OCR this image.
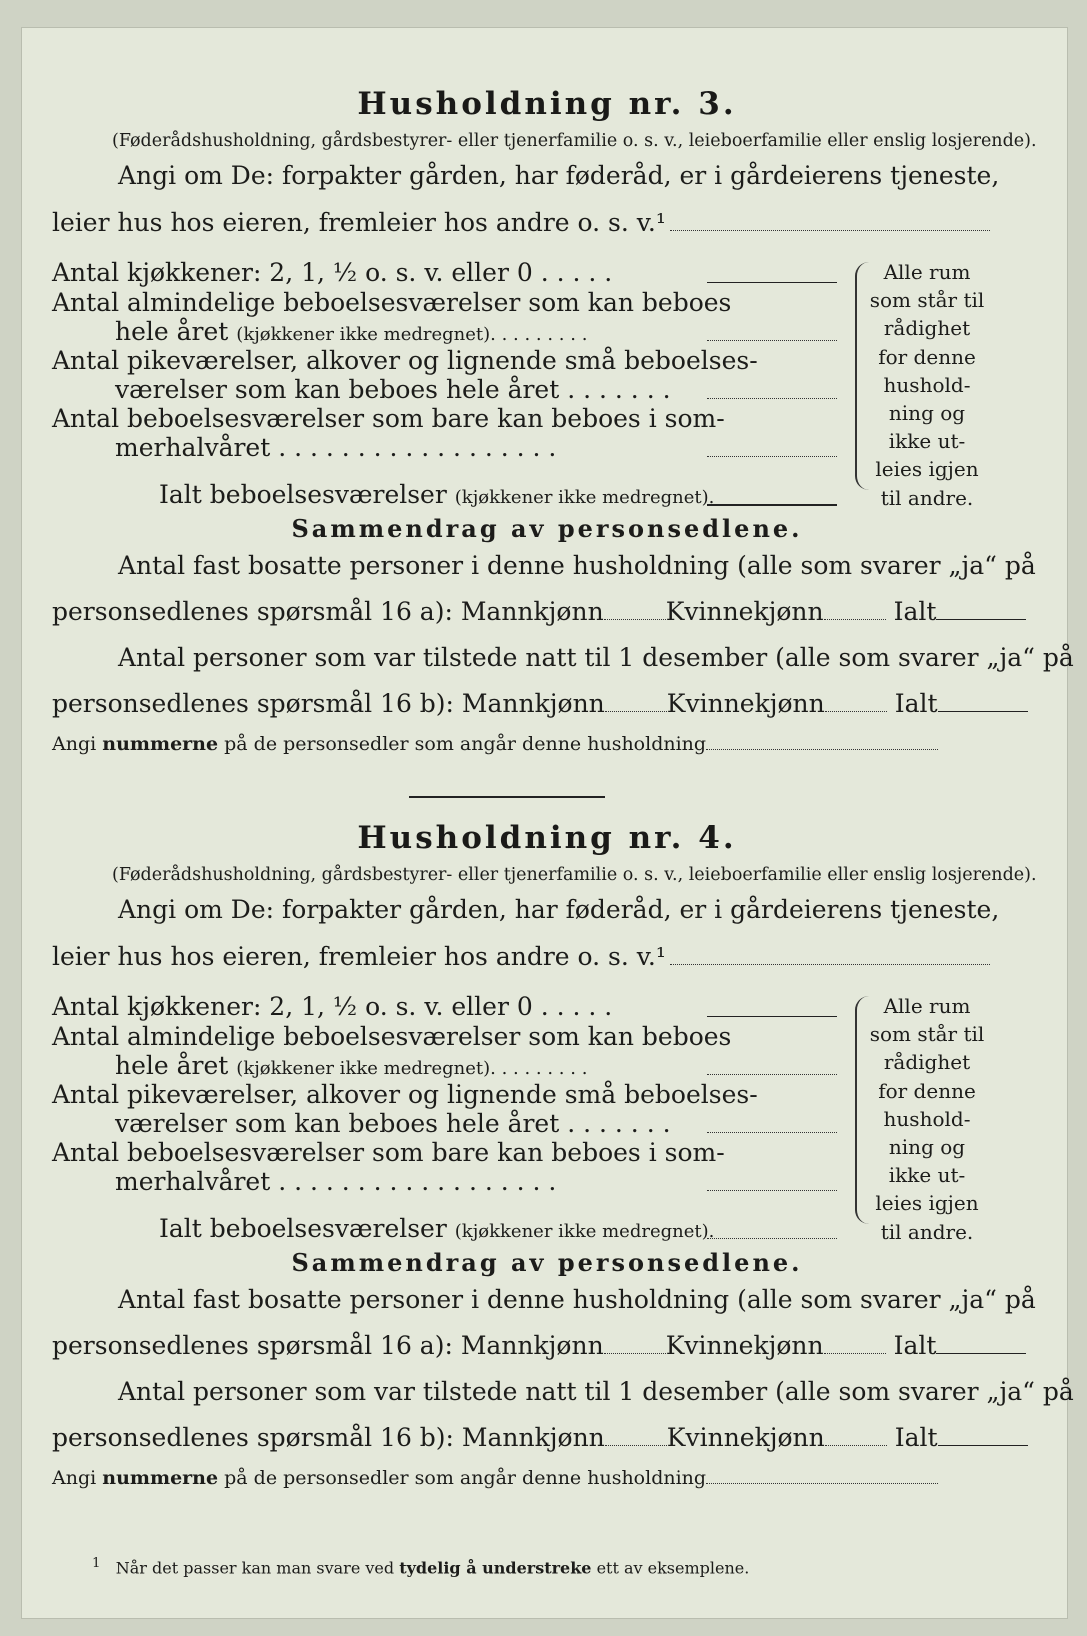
Husholdning nr. 3.

(Føderådshusholdning, gårdsbestyrer- eller tjenerfamilie o. s. v., leieboerfamilie eller enslig losjerende).

Angi om De: forpakter gården, har føderåd, er i gårdeierens tjeneste,
leier hus hos eieren, fremleier hos andre o. s. v.¹
Antal kjøkkener: 2, 1, ½ o. s. v. eller 0 . . . . .
Antal almindelige beboelsesværelser som kan beboes
hele året (kjøkkener ikke medregnet). . . . . . . . .
Antal pikeværelser, alkover og lignende små beboelses-
værelser som kan beboes hele året . . . . . . .
Antal beboelsesværelser som bare kan beboes i som-
merhalvåret . . . . . . . . . . . . . . . . . .
Ialt beboelsesværelser (kjøkkener ikke medregnet).
Alle rum
som står til
rådighet
for denne
hushold-
ning og
ikke ut-
leies igjen
til andre.
Sammendrag av personsedlene.
Antal fast bosatte personer i denne husholdning (alle som svarer „ja“ på
personsedlenes spørsmål 16 a): Mannkjønn Kvinnekjønn	Ialt
Antal personer som var tilstede natt til 1 desember (alle som svarer „ja“ på
personsedlenes spørsmål 16 b): Mannkjønn Kvinnekjønn	Ialt
Angi nummerne på de personsedler som angår denne husholdning
Husholdning nr. 4.

(Føderådshusholdning, gårdsbestyrer- eller tjenerfamilie o. s. v., leieboerfamilie eller enslig losjerende).

Angi om De: forpakter gården, har føderåd, er i gårdeierens tjeneste,
leier hus hos eieren, fremleier hos andre o. s. v.¹
Antal kjøkkener: 2, 1, ½ o. s. v. eller 0 . . . . .
Antal almindelige beboelsesværelser som kan beboes
hele året (kjøkkener ikke medregnet). . . . . . . . .
Antal pikeværelser, alkover og lignende små beboelses-
værelser som kan beboes hele året . . . . . . .
Antal beboelsesværelser som bare kan beboes i som-
merhalvåret . . . . . . . . . . . . . . . . . .
Ialt beboelsesværelser (kjøkkener ikke medregnet).
Alle rum
som står til
rådighet
for denne
hushold-
ning og
ikke ut-
leies igjen
til andre.
Sammendrag av personsedlene.
Antal fast bosatte personer i denne husholdning (alle som svarer „ja“ på
personsedlenes spørsmål 16 a): Mannkjønn Kvinnekjønn	Ialt
Antal personer som var tilstede natt til 1 desember (alle som svarer „ja“ på
personsedlenes spørsmål 16 b): Mannkjønn Kvinnekjønn	Ialt
Angi nummerne på de personsedler som angår denne husholdning
$^1$ Når det passer kan man svare ved tydelig å understreke ett av eksemplene.
